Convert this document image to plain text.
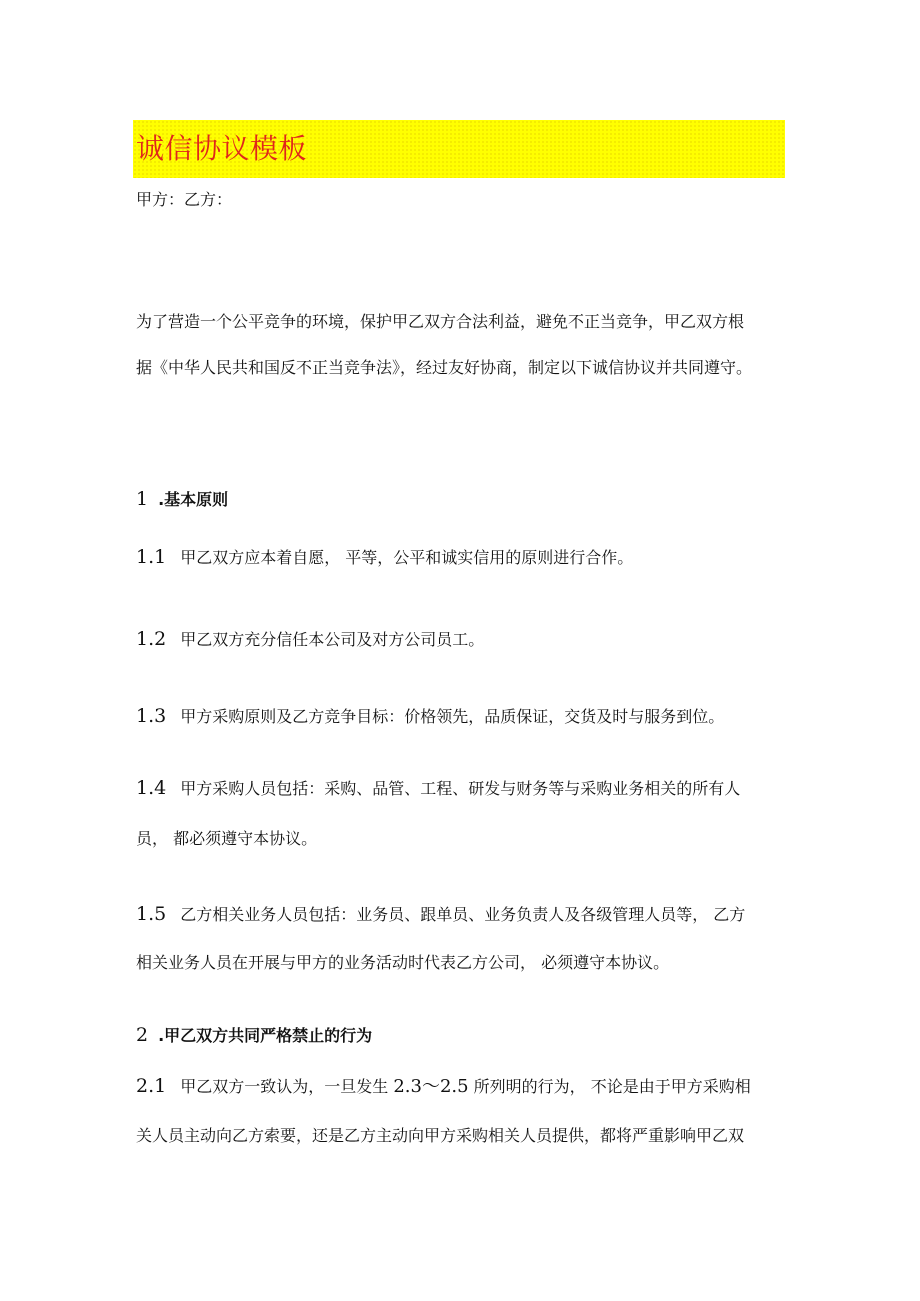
诚信协议模板
甲方：乙方：
为了营造一个公平竞争的环境，保护甲乙双方合法利益，避免不正当竞争，甲乙双方根
据《中华人民共和国反不正当竞争法》，经过友好协商，制定以下诚信协议并共同遵守。
1 .基本原则
1.1 甲乙双方应本着自愿， 平等，公平和诚实信用的原则进行合作。
1.2 甲乙双方充分信任本公司及对方公司员工。
1.3 甲方采购原则及乙方竞争目标：价格领先，品质保证，交货及时与服务到位。
1.4 甲方采购人员包括：采购、品管、工程、研发与财务等与采购业务相关的所有人
员， 都必须遵守本协议。
1.5 乙方相关业务人员包括：业务员、跟单员、业务负责人及各级管理人员等， 乙方
相关业务人员在开展与甲方的业务活动时代表乙方公司， 必须遵守本协议。
2 .甲乙双方共同严格禁止的行为
2.1 甲乙双方一致认为，一旦发生 2.3～2.5 所列明的行为， 不论是由于甲方采购相
关人员主动向乙方索要，还是乙方主动向甲方采购相关人员提供，都将严重影响甲乙双
